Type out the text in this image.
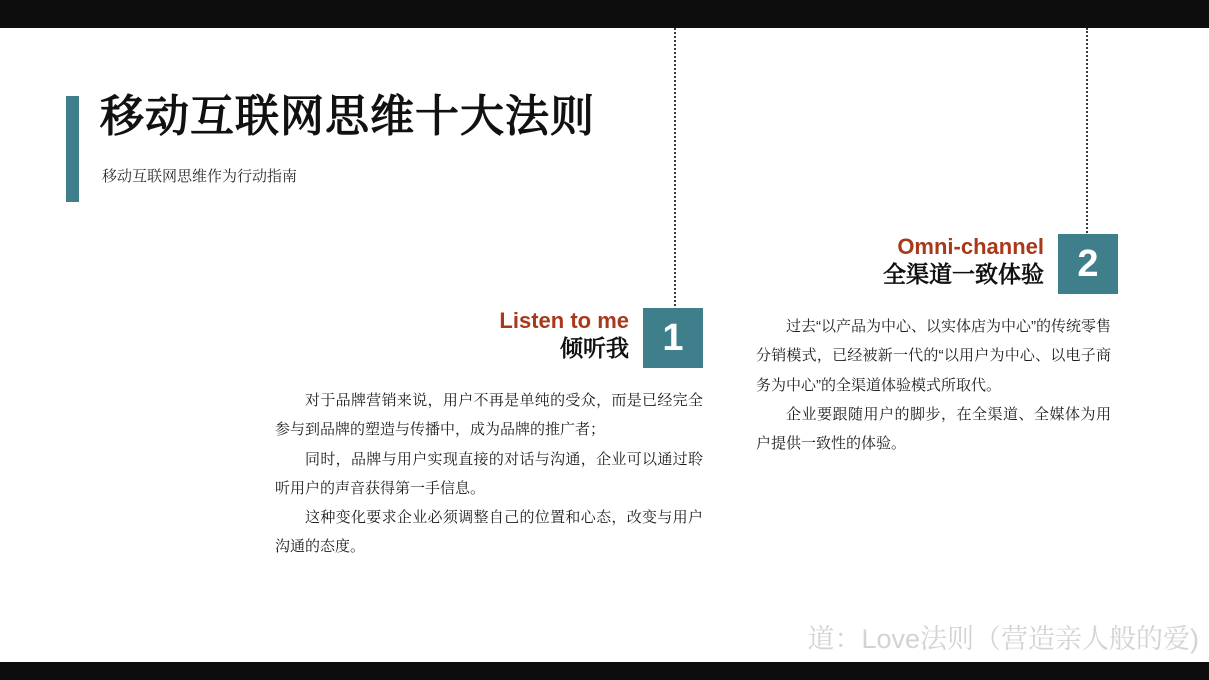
移动互联网思维十大法则
移动互联网思维作为行动指南
Listen to me
倾听我 1

对于品牌营销来说，用户不再是单纯的受众，而是已经完全参与到品牌的塑造与传播中，成为品牌的推广者；

同时，品牌与用户实现直接的对话与沟通，企业可以通过聆听用户的声音获得第一手信息。

这种变化要求企业必须调整自己的位置和心态，改变与用户沟通的态度。

Omni-channel
全渠道一致体验 2

过去“以产品为中心、以实体店为中心”的传统零售分销模式，已经被新一代的“以用户为中心、以电子商务为中心”的全渠道体验模式所取代。

企业要跟随用户的脚步，在全渠道、全媒体为用户提供一致性的体验。

道：Love法则（营造亲人般的爱)
